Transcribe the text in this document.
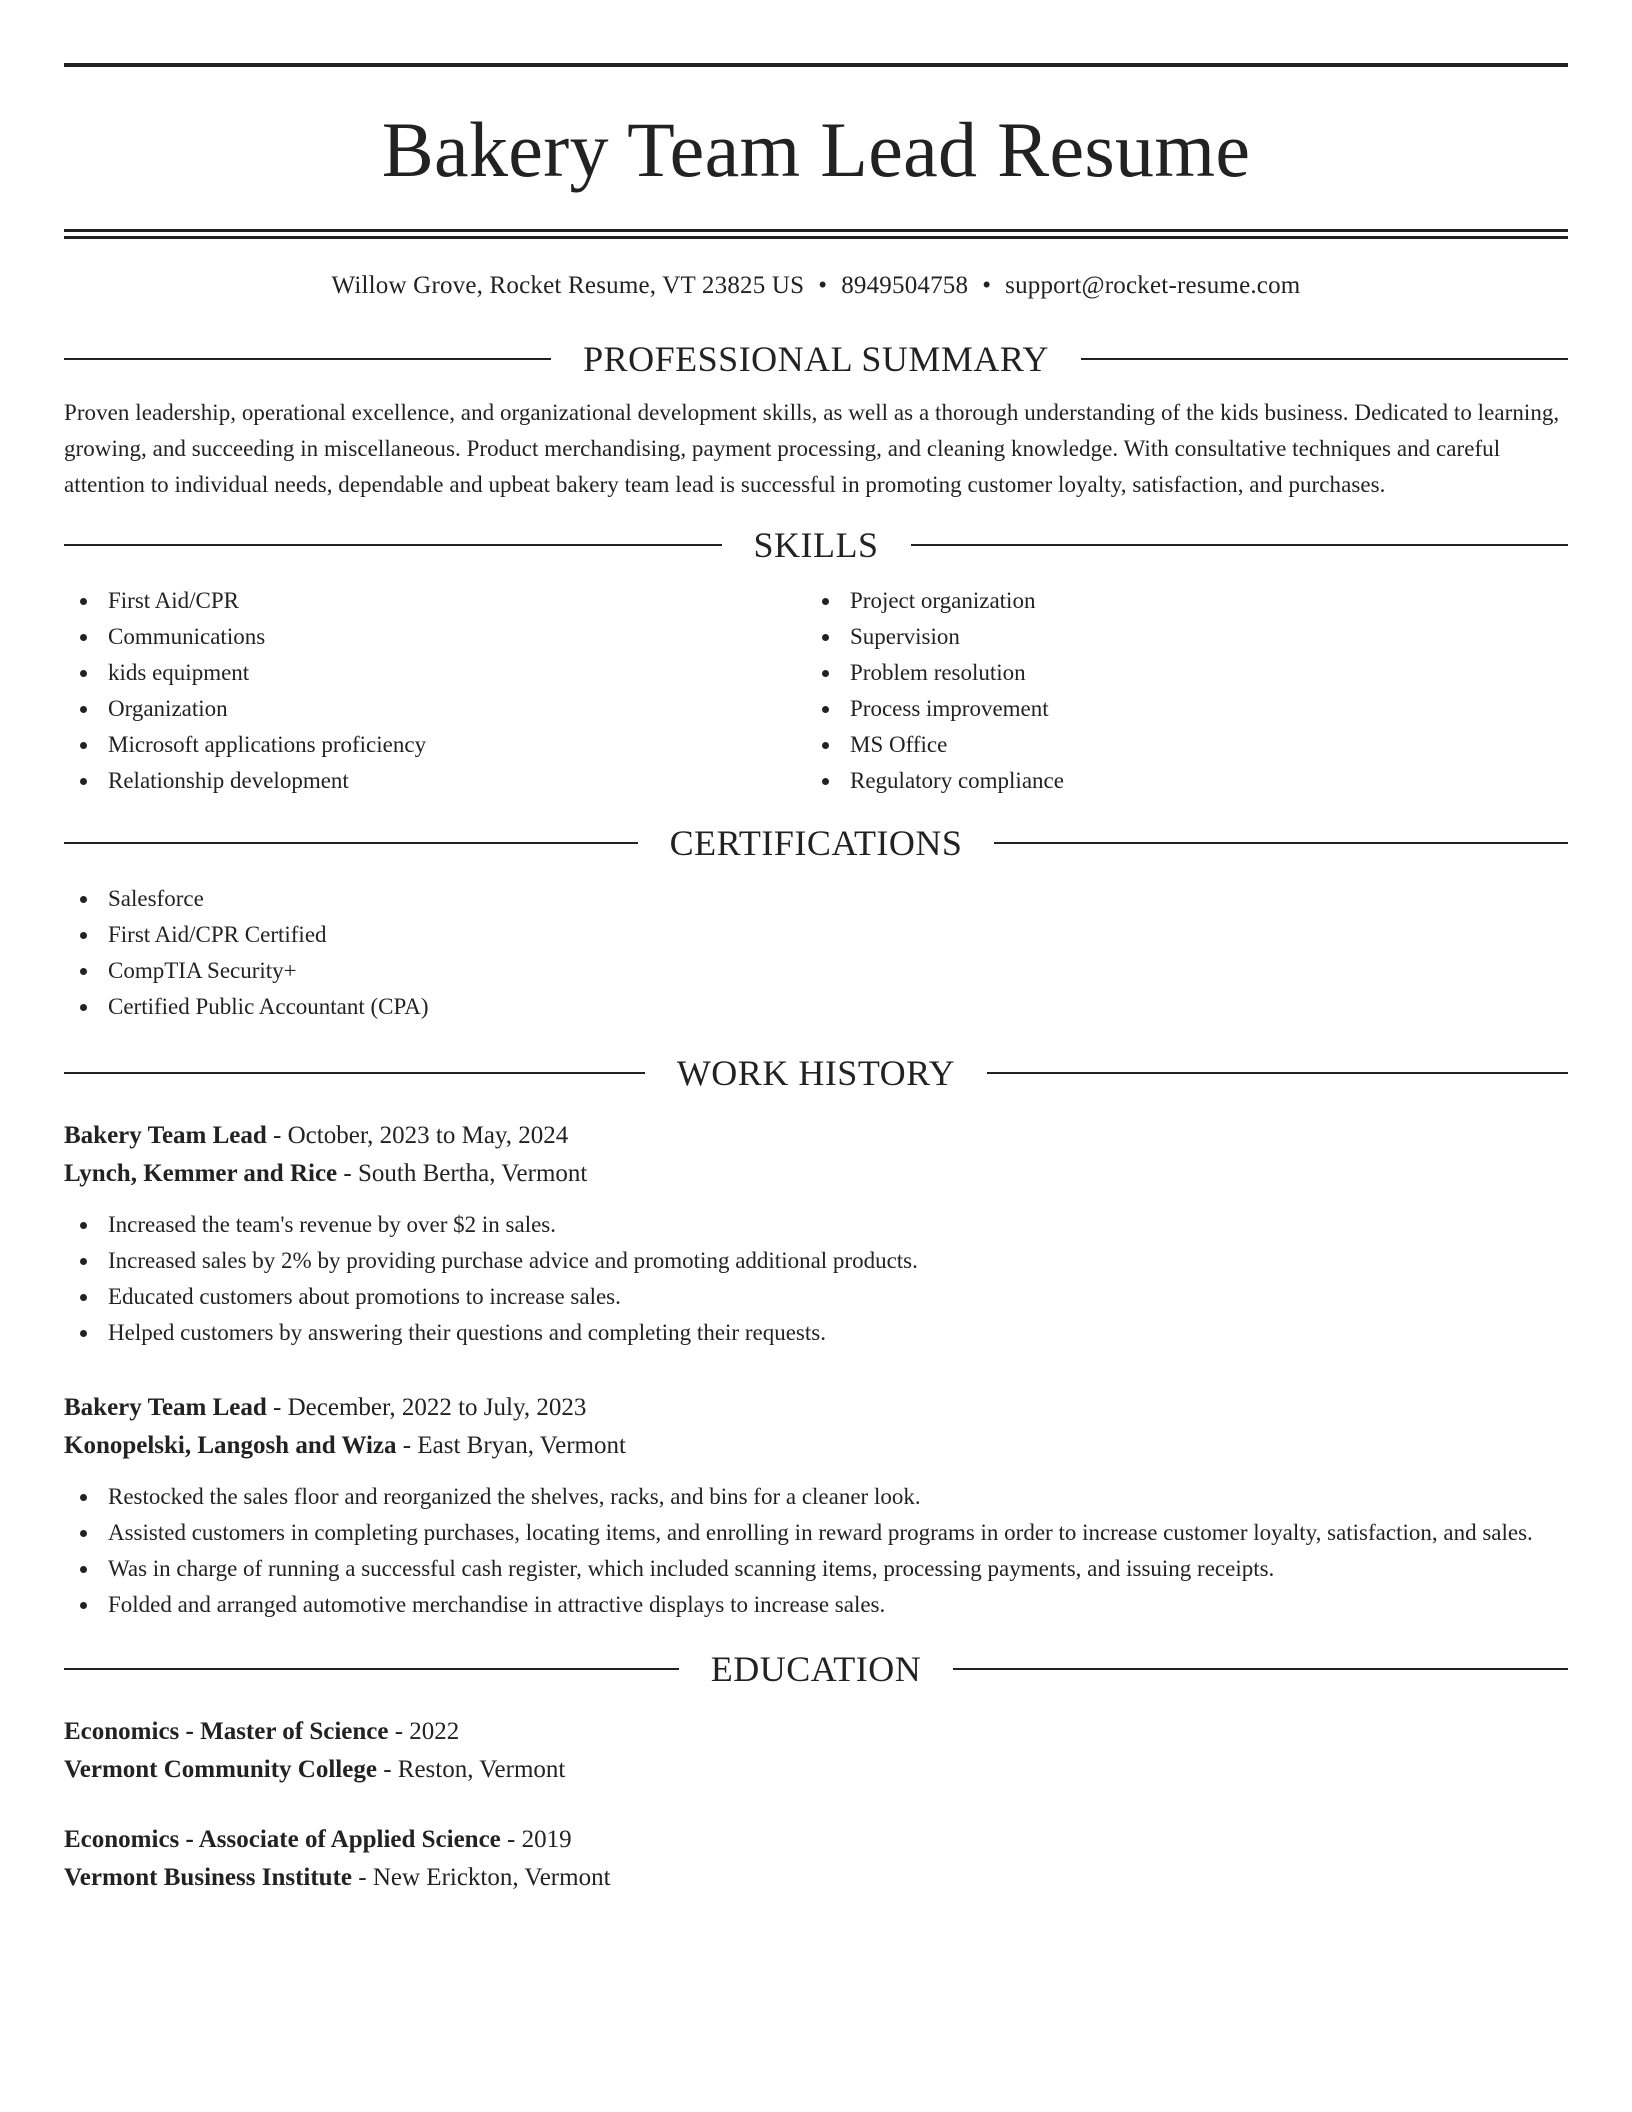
Bakery Team Lead Resume
Willow Grove, Rocket Resume, VT 23825 US • 8949504758 • support@rocket-resume.com
PROFESSIONAL SUMMARY
Proven leadership, operational excellence, and organizational development skills, as well as a thorough understanding of the kids business. Dedicated to learning, growing, and succeeding in miscellaneous. Product merchandising, payment processing, and cleaning knowledge. With consultative techniques and careful attention to individual needs, dependable and upbeat bakery team lead is successful in promoting customer loyalty, satisfaction, and purchases.
SKILLS
First Aid/CPR
Communications
kids equipment
Organization
Microsoft applications proficiency
Relationship development
Project organization
Supervision
Problem resolution
Process improvement
MS Office
Regulatory compliance
CERTIFICATIONS
Salesforce
First Aid/CPR Certified
CompTIA Security+
Certified Public Accountant (CPA)
WORK HISTORY
Bakery Team Lead - October, 2023 to May, 2024
Lynch, Kemmer and Rice - South Bertha, Vermont
Increased the team's revenue by over $2 in sales.
Increased sales by 2% by providing purchase advice and promoting additional products.
Educated customers about promotions to increase sales.
Helped customers by answering their questions and completing their requests.
Bakery Team Lead - December, 2022 to July, 2023
Konopelski, Langosh and Wiza - East Bryan, Vermont
Restocked the sales floor and reorganized the shelves, racks, and bins for a cleaner look.
Assisted customers in completing purchases, locating items, and enrolling in reward programs in order to increase customer loyalty, satisfaction, and sales.
Was in charge of running a successful cash register, which included scanning items, processing payments, and issuing receipts.
Folded and arranged automotive merchandise in attractive displays to increase sales.
EDUCATION
Economics - Master of Science - 2022
Vermont Community College - Reston, Vermont
Economics - Associate of Applied Science - 2019
Vermont Business Institute - New Erickton, Vermont
